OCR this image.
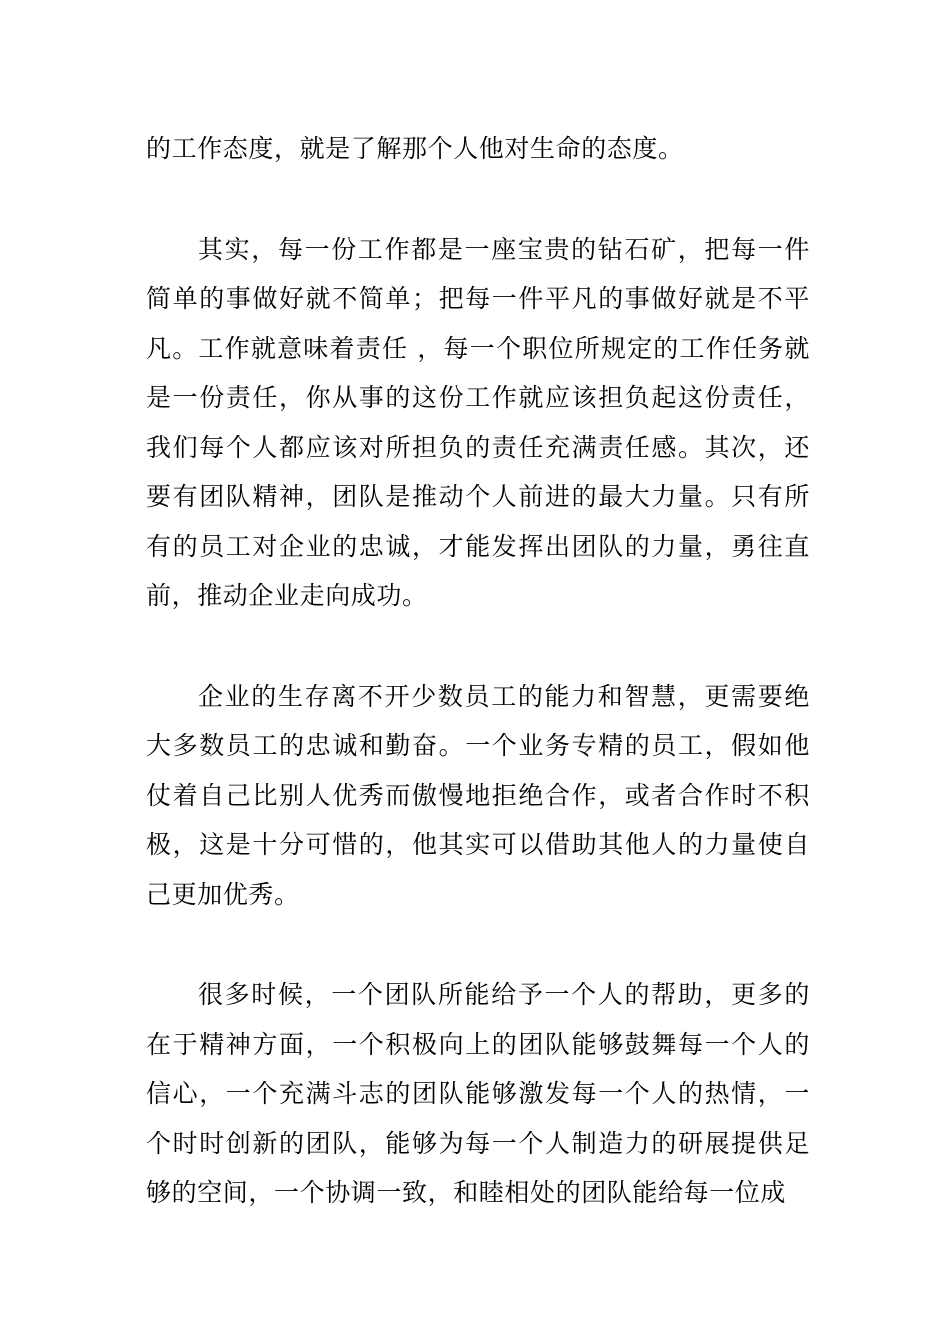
的工作态度，就是了解那个人他对生命的态度。

其实，每一份工作都是一座宝贵的钻石矿，把每一件简单的事做好就不简单；把每一件平凡的事做好就是不平凡。工作就意味着责任 ，每一个职位所规定的工作任务就是一份责任，你从事的这份工作就应该担负起这份责任，我们每个人都应该对所担负的责任充满责任感。其次，还要有团队精神，团队是推动个人前进的最大力量。只有所有的员工对企业的忠诚，才能发挥出团队的力量，勇往直前，推动企业走向成功。

企业的生存离不开少数员工的能力和智慧，更需要绝大多数员工的忠诚和勤奋。一个业务专精的员工，假如他仗着自己比别人优秀而傲慢地拒绝合作，或者合作时不积极，这是十分可惜的，他其实可以借助其他人的力量使自己更加优秀。

很多时候，一个团队所能给予一个人的帮助，更多的在于精神方面，一个积极向上的团队能够鼓舞每一个人的信心，一个充满斗志的团队能够激发每一个人的热情，一个时时创新的团队，能够为每一个人制造力的研展提供足够的空间，一个协调一致，和睦相处的团队能给每一位成
